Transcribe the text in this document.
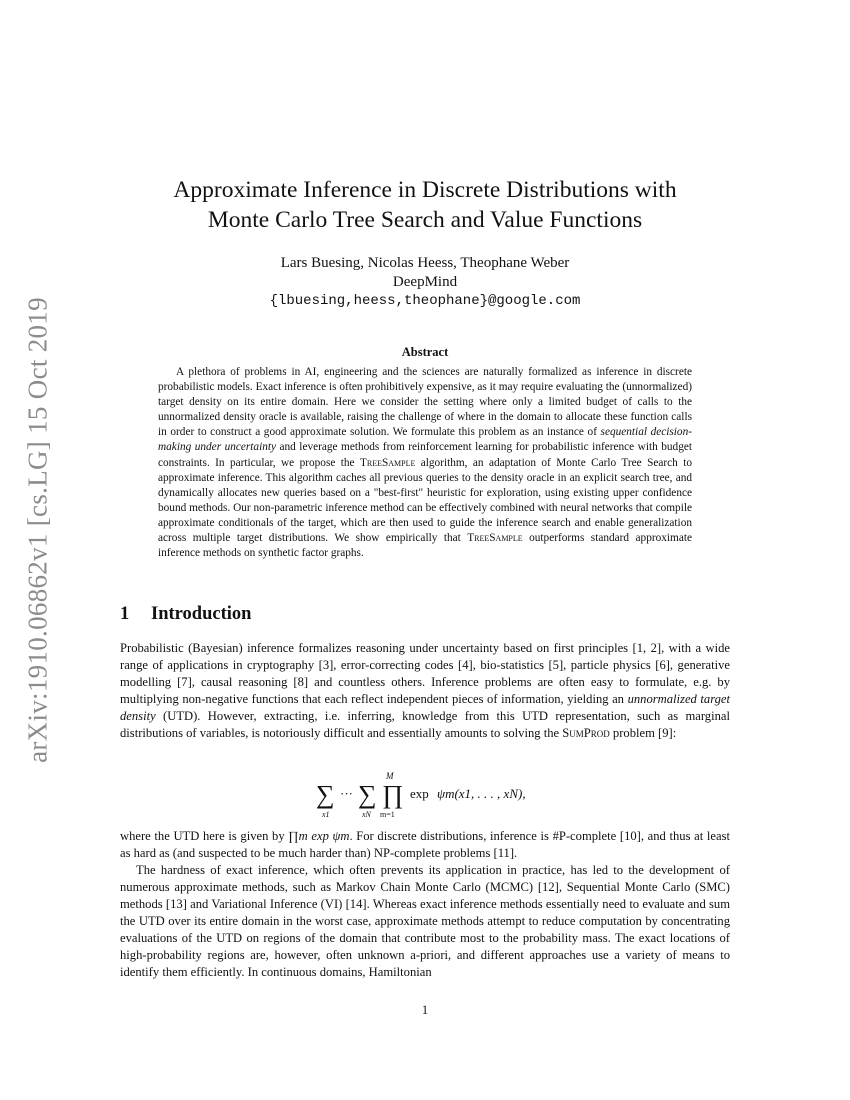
arXiv:1910.06862v1 [cs.LG] 15 Oct 2019
Approximate Inference in Discrete Distributions with
Monte Carlo Tree Search and Value Functions
Lars Buesing, Nicolas Heess, Theophane Weber
DeepMind
{lbuesing,heess,theophane}@google.com
Abstract

A plethora of problems in AI, engineering and the sciences are naturally formalized as inference in discrete probabilistic models. Exact inference is often prohibitively expensive, as it may require evaluating the (unnormalized) target density on its entire domain. Here we consider the setting where only a limited budget of calls to the unnormalized density oracle is available, raising the challenge of where in the domain to allocate these function calls in order to construct a good approximate solution. We formulate this problem as an instance of sequential decision-making under uncertainty and leverage methods from reinforcement learning for probabilistic inference with budget constraints. In particular, we propose the TreeSample algorithm, an adaptation of Monte Carlo Tree Search to approximate inference. This algorithm caches all previous queries to the density oracle in an explicit search tree, and dynamically allocates new queries based on a "best-first" heuristic for exploration, using existing upper confidence bound methods. Our non-parametric inference method can be effectively combined with neural networks that compile approximate conditionals of the target, which are then used to guide the inference search and enable generalization across multiple target distributions. We show empirically that TreeSample outperforms standard approximate inference methods on synthetic factor graphs.

1 Introduction

Probabilistic (Bayesian) inference formalizes reasoning under uncertainty based on first principles [1, 2], with a wide range of applications in cryptography [3], error-correcting codes [4], bio-statistics [5], particle physics [6], generative modelling [7], causal reasoning [8] and countless others. Inference problems are often easy to formulate, e.g. by multiplying non-negative functions that each reflect independent pieces of information, yielding an unnormalized target density (UTD). However, extracting, i.e. inferring, knowledge from this UTD representation, such as marginal distributions of variables, is notoriously difficult and essentially amounts to solving the SumProd problem [9]:

∑
x1
··· ∑
xN
M
∏
m=1
exp ψm(x1, . . . , xN),

where the UTD here is given by ∏m exp ψm. For discrete distributions, inference is #P-complete [10], and thus at least as hard as (and suspected to be much harder than) NP-complete problems [11].

The hardness of exact inference, which often prevents its application in practice, has led to the development of numerous approximate methods, such as Markov Chain Monte Carlo (MCMC) [12], Sequential Monte Carlo (SMC) methods [13] and Variational Inference (VI) [14]. Whereas exact inference methods essentially need to evaluate and sum the UTD over its entire domain in the worst case, approximate methods attempt to reduce computation by concentrating evaluations of the UTD on regions of the domain that contribute most to the probability mass. The exact locations of high-probability regions are, however, often unknown a-priori, and different approaches use a variety of means to identify them efficiently. In continuous domains, Hamiltonian

1
